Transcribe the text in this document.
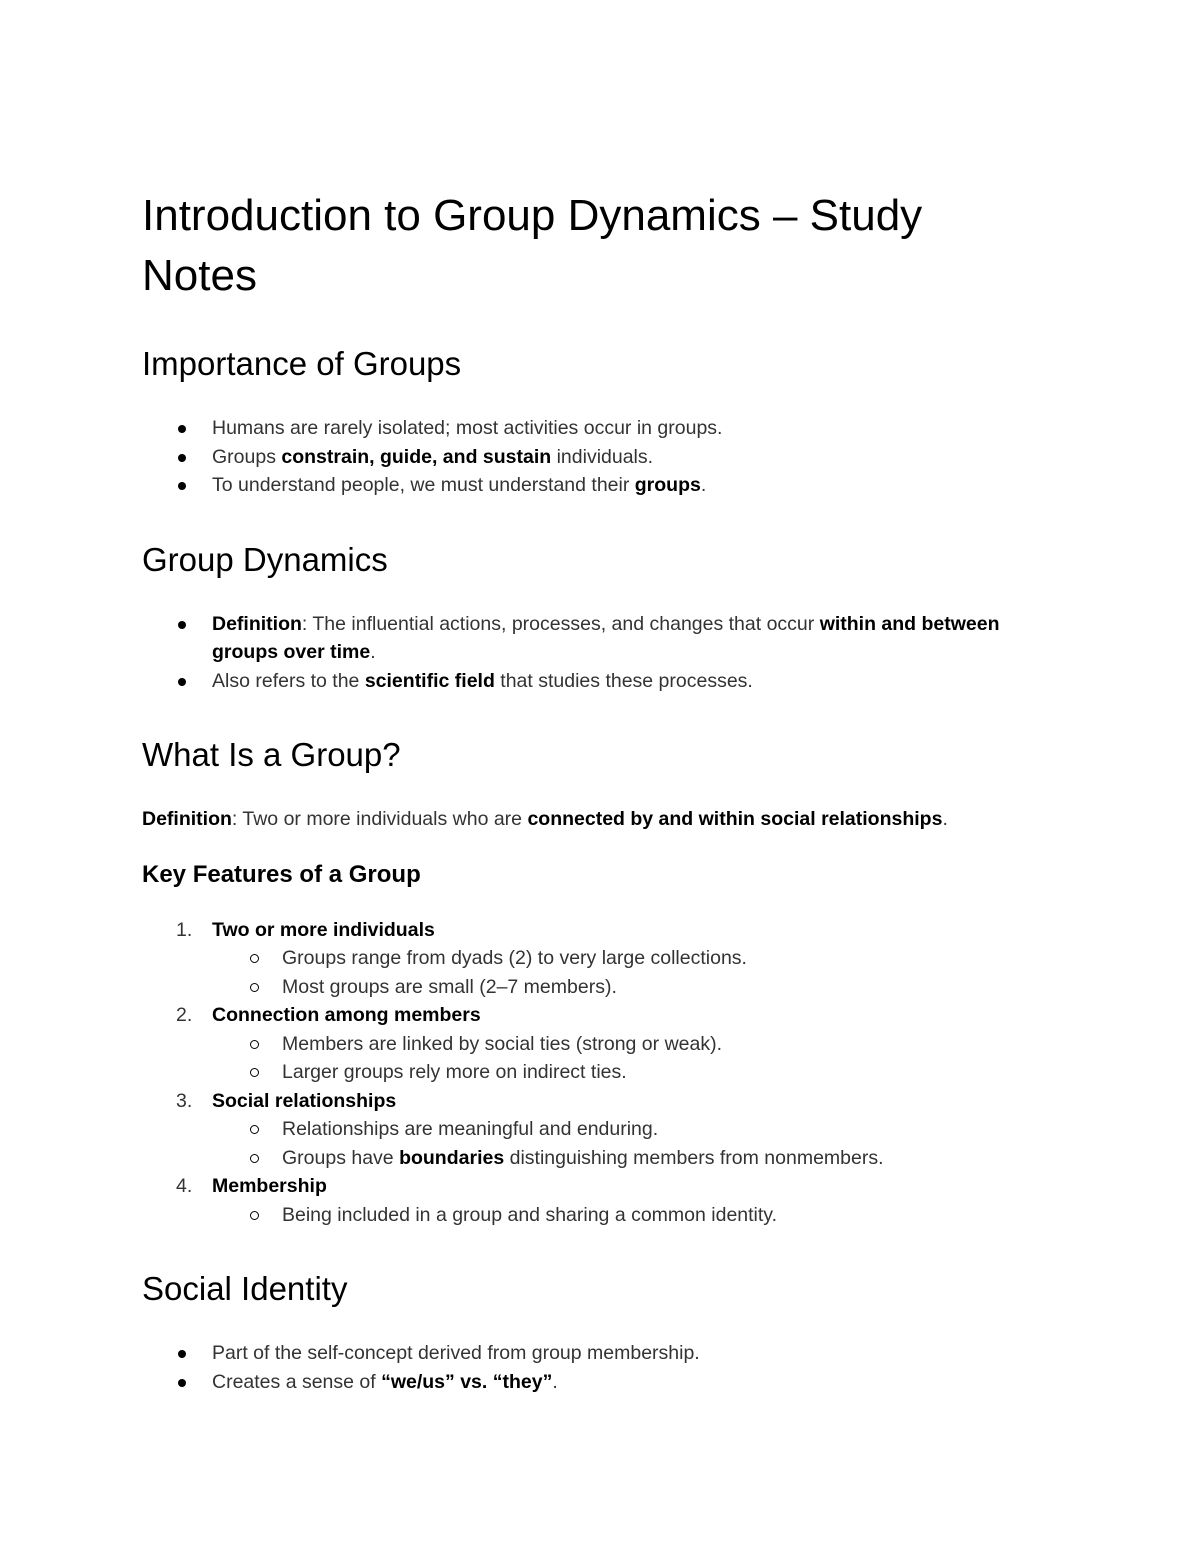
Introduction to Group Dynamics – Study Notes
Importance of Groups
Humans are rarely isolated; most activities occur in groups.
Groups constrain, guide, and sustain individuals.
To understand people, we must understand their groups.
Group Dynamics
Definition: The influential actions, processes, and changes that occur within and between groups over time.
Also refers to the scientific field that studies these processes.
What Is a Group?
Definition: Two or more individuals who are connected by and within social relationships.
Key Features of a Group
1.	Two or more individuals
Groups range from dyads (2) to very large collections.
Most groups are small (2–7 members).
2.	Connection among members
Members are linked by social ties (strong or weak).
Larger groups rely more on indirect ties.
3.	Social relationships
Relationships are meaningful and enduring.
Groups have boundaries distinguishing members from nonmembers.
4.	Membership
Being included in a group and sharing a common identity.
Social Identity
Part of the self-concept derived from group membership.
Creates a sense of “we/us” vs. “they”.
